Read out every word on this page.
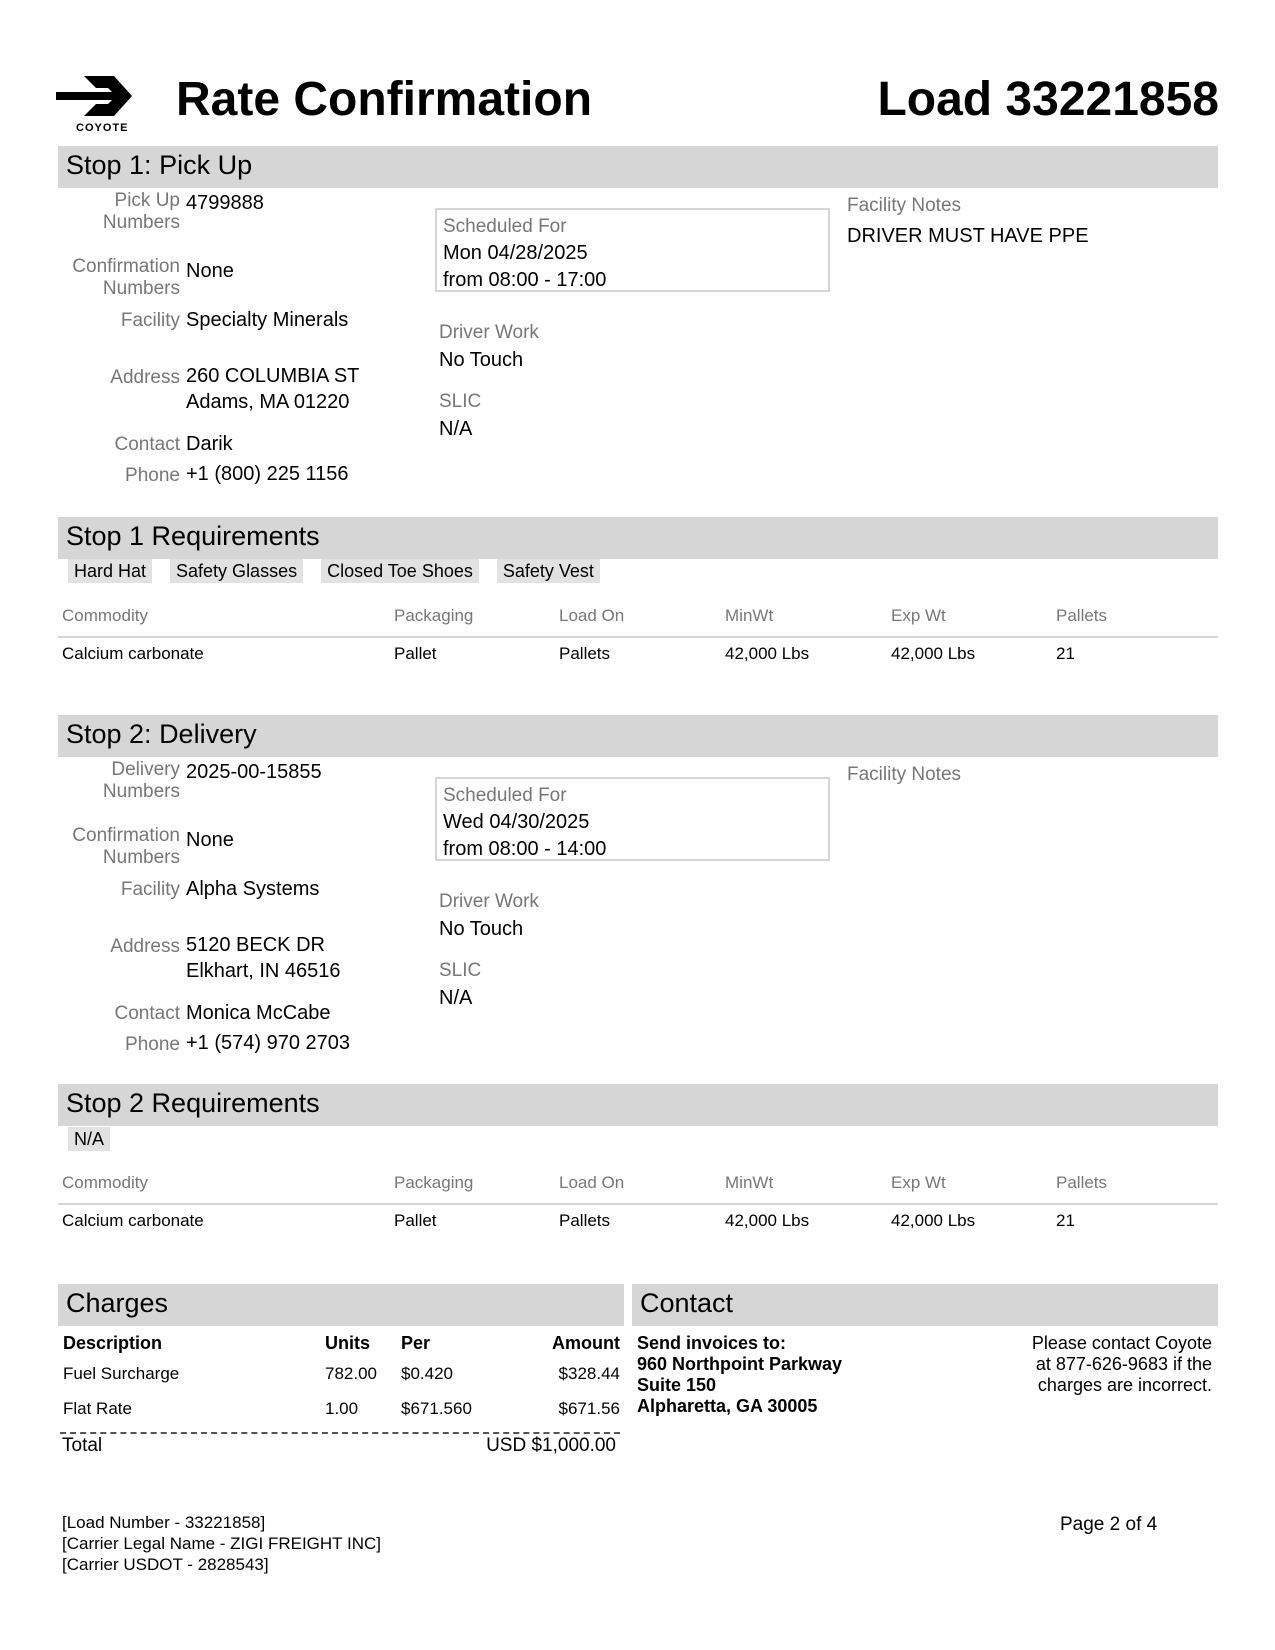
COYOTE
Rate Confirmation	Load 33221858
Stop 1: Pick Up
Pick Up
Numbers
4799888
Confirmation
Numbers
None
Facility Specialty Minerals
Address 260 COLUMBIA ST
Adams, MA 01220
Contact Darik
Phone +1 (800) 225 1156
Scheduled For
Mon 04/28/2025
from 08:00 - 17:00
Driver Work
No Touch
SLIC
N/A
Facility Notes
DRIVER MUST HAVE PPE
Stop 1 Requirements
Hard Hat	Safety Glasses	Closed Toe Shoes	Safety Vest
Commodity	Packaging	Load On	MinWt	Exp Wt	Pallets
Calcium carbonate	Pallet	Pallets	42,000 Lbs	42,000 Lbs	21
Stop 2: Delivery
Delivery
Numbers
2025-00-15855
Confirmation
Numbers
None
Facility Alpha Systems
Address 5120 BECK DR
Elkhart, IN 46516
Contact Monica McCabe
Phone +1 (574) 970 2703
Scheduled For
Wed 04/30/2025
from 08:00 - 14:00
Driver Work
No Touch
SLIC
N/A
Facility Notes
Stop 2 Requirements
N/A
Commodity	Packaging	Load On	MinWt	Exp Wt	Pallets
Calcium carbonate	Pallet	Pallets	42,000 Lbs	42,000 Lbs	21
Charges	Contact
Description	Units Per	Amount
Fuel Surcharge	782.00 $0.420	$328.44
Flat Rate	1.00	$671.560	$671.56
Total	USD $1,000.00
Send invoices to:
960 Northpoint Parkway
Suite 150
Alpharetta, GA 30005
Please contact Coyote
at 877-626-9683 if the
charges are incorrect.
[Load Number - 33221858]
[Carrier Legal Name - ZIGI FREIGHT INC]
[Carrier USDOT - 2828543]
Page 2 of 4
